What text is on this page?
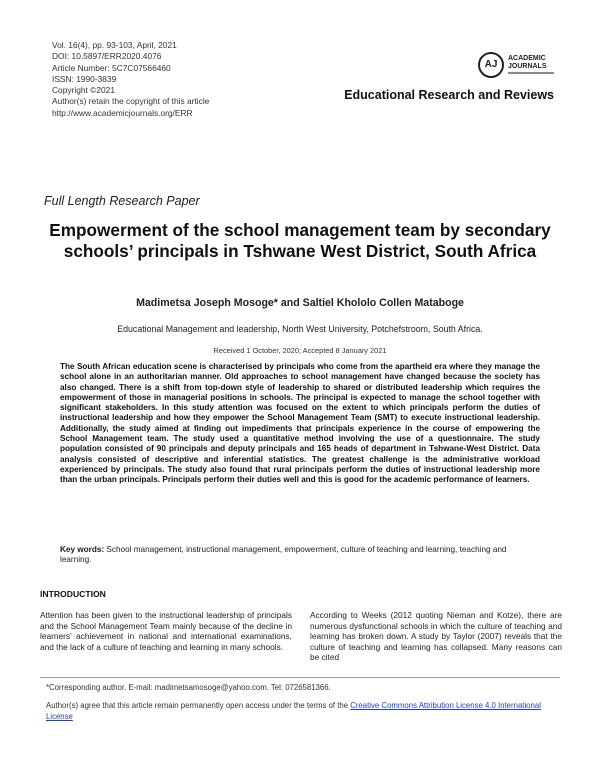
Vol. 16(4), pp. 93-103, April, 2021
DOI: 10.5897/ERR2020.4076
Article Number: 5C7C07566460
ISSN: 1990-3839
Copyright ©2021
Author(s) retain the copyright of this article
http://www.academicjournals.org/ERR
AJ
ACADEMIC
JOURNALS
Educational Research and Reviews
Full Length Research Paper
Empowerment of the school management team by secondary schools’ principals in Tshwane West District, South Africa
Madimetsa Joseph Mosoge* and Saltiel Khololo Collen Mataboge
Educational Management and leadership, North West University, Potchefstroom, South Africa.
Received 1 October, 2020; Accepted 8 January 2021
The South African education scene is characterised by principals who come from the apartheid era where they manage the school alone in an authoritarian manner. Old approaches to school management have changed because the society has also changed. There is a shift from top-down style of leadership to shared or distributed leadership which requires the empowerment of those in managerial positions in schools. The principal is expected to manage the school together with significant stakeholders. In this study attention was focused on the extent to which principals perform the duties of instructional leadership and how they empower the School Management Team (SMT) to execute instructional leadership. Additionally, the study aimed at finding out impediments that principals experience in the course of empowering the School Management team. The study used a quantitative method involving the use of a questionnaire. The study population consisted of 90 principals and deputy principals and 165 heads of department in Tshwane-West District. Data analysis consisted of descriptive and inferential statistics. The greatest challenge is the administrative workload experienced by principals. The study also found that rural principals perform the duties of instructional leadership more than the urban principals. Principals perform their duties well and this is good for the academic performance of learners.
Key words: School management, instructional management, empowerment, culture of teaching and learning, teaching and learning.
INTRODUCTION
Attention has been given to the instructional leadership of principals and the School Management Team mainly because of the decline in learners’ achievement in national and international examinations, and the lack of a culture of teaching and learning in many schools.
According to Weeks (2012 quoting Nieman and Kotze), there are numerous dysfunctional schools in which the culture of teaching and learning has broken down. A study by Taylor (2007) reveals that the culture of teaching and learning has collapsed. Many reasons can be cited
*Corresponding author. E-mail: madimetsamosoge@yahoo.com. Tel: 0726581366.
Author(s) agree that this article remain permanently open access under the terms of the Creative Commons Attribution License 4.0 International License
